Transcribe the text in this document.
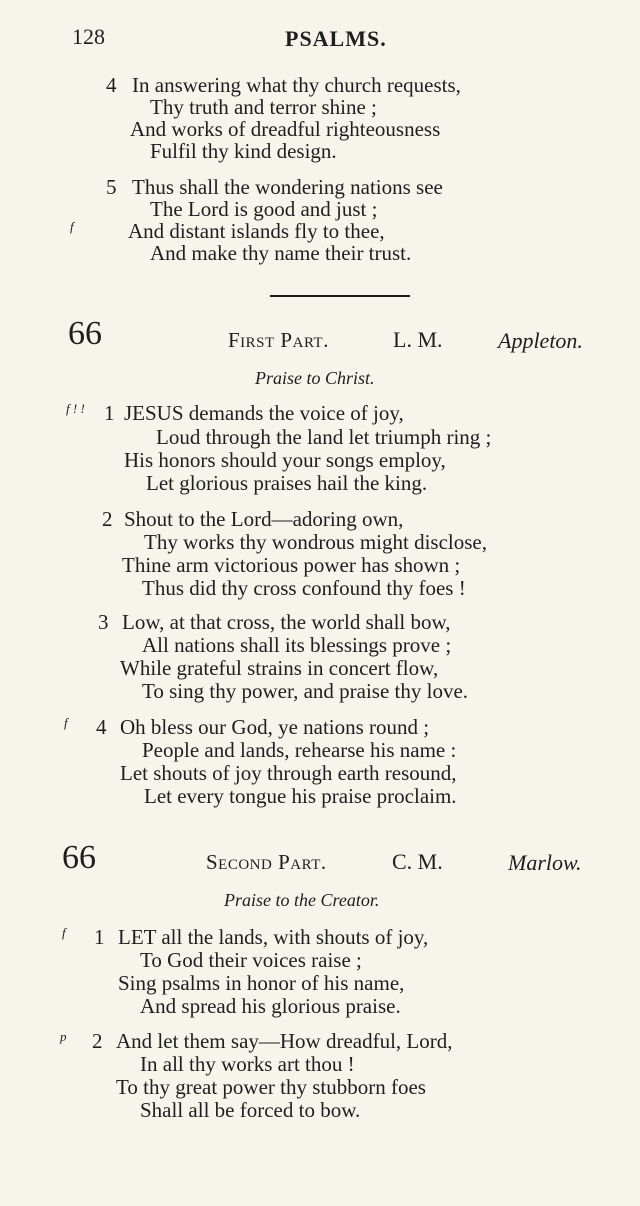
128	PSALMS.
4 In answering what thy church requests,
Thy truth and terror shine ;
And works of dreadful righteousness
Fulfil thy kind design.
5 Thus shall the wondering nations see
The Lord is good and just ;
f	And distant islands fly to thee,
And make thy name their trust.
66	First Part.	L. M.	Appleton.
Praise to Christ.
f ! ! 1 JESUS demands the voice of joy,
Loud through the land let triumph ring ;
His honors should your songs employ,
Let glorious praises hail the king.
2 Shout to the Lord—adoring own,
Thy works thy wondrous might disclose,
Thine arm victorious power has shown ;
Thus did thy cross confound thy foes !
3 Low, at that cross, the world shall bow,
All nations shall its blessings prove ;
While grateful strains in concert flow,
To sing thy power, and praise thy love.
f 4 Oh bless our God, ye nations round ;
People and lands, rehearse his name :
Let shouts of joy through earth resound,
Let every tongue his praise proclaim.
66	Second Part.	C. M.	Marlow.
Praise to the Creator.
f 1 LET all the lands, with shouts of joy,
To God their voices raise ;
Sing psalms in honor of his name,
And spread his glorious praise.
p 2 And let them say—How dreadful, Lord,
In all thy works art thou !
To thy great power thy stubborn foes
Shall all be forced to bow.
